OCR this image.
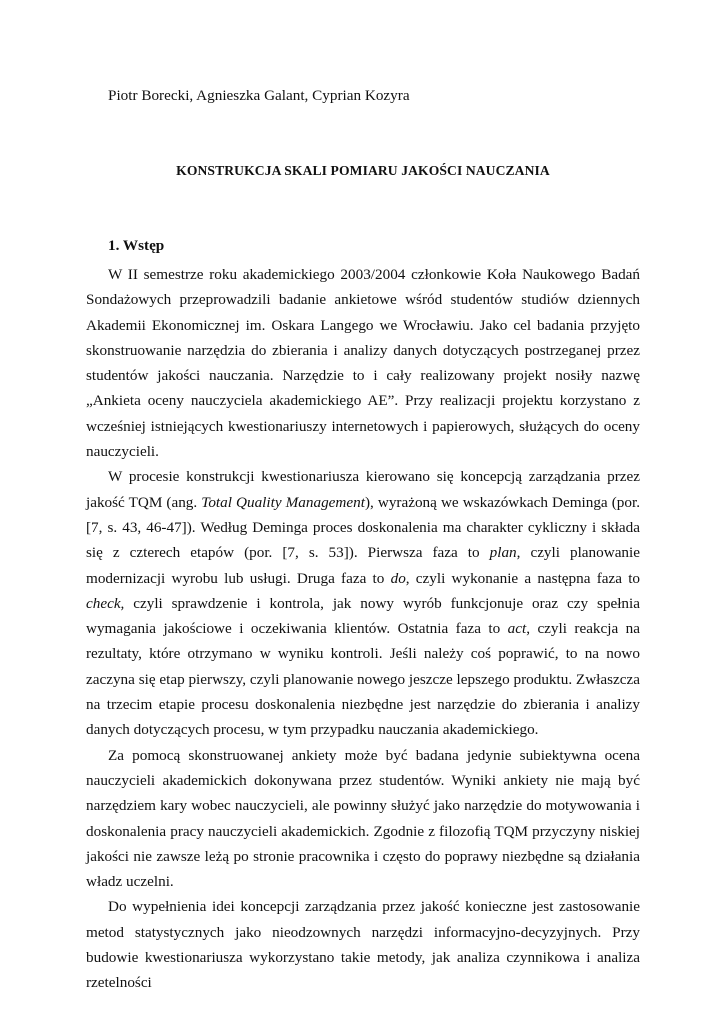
Piotr Borecki, Agnieszka Galant, Cyprian Kozyra
KONSTRUKCJA SKALI POMIARU JAKOŚCI NAUCZANIA
1. Wstęp

W II semestrze roku akademickiego 2003/2004 członkowie Koła Naukowego Badań Sondażowych przeprowadzili badanie ankietowe wśród studentów studiów dziennych Akademii Ekonomicznej im. Oskara Langego we Wrocławiu. Jako cel badania przyjęto skonstruowanie narzędzia do zbierania i analizy danych dotyczących postrzeganej przez studentów jakości nauczania. Narzędzie to i cały realizowany projekt nosiły nazwę „Ankieta oceny nauczyciela akademickiego AE”. Przy realizacji projektu korzystano z wcześniej istniejących kwestionariuszy internetowych i papierowych, służących do oceny nauczycieli.

W procesie konstrukcji kwestionariusza kierowano się koncepcją zarządzania przez jakość TQM (ang. Total Quality Management), wyrażoną we wskazówkach Deminga (por. [7, s. 43, 46-47]). Według Deminga proces doskonalenia ma charakter cykliczny i składa się z czterech etapów (por. [7, s. 53]). Pierwsza faza to plan, czyli planowanie modernizacji wyrobu lub usługi. Druga faza to do, czyli wykonanie a następna faza to check, czyli sprawdzenie i kontrola, jak nowy wyrób funkcjonuje oraz czy spełnia wymagania jakościowe i oczekiwania klientów. Ostatnia faza to act, czyli reakcja na rezultaty, które otrzymano w wyniku kontroli. Jeśli należy coś poprawić, to na nowo zaczyna się etap pierwszy, czyli planowanie nowego jeszcze lepszego produktu. Zwłaszcza na trzecim etapie procesu doskonalenia niezbędne jest narzędzie do zbierania i analizy danych dotyczących procesu, w tym przypadku nauczania akademickiego.

Za pomocą skonstruowanej ankiety może być badana jedynie subiektywna ocena nauczycieli akademickich dokonywana przez studentów. Wyniki ankiety nie mają być narzędziem kary wobec nauczycieli, ale powinny służyć jako narzędzie do motywowania i doskonalenia pracy nauczycieli akademickich. Zgodnie z filozofią TQM przyczyny niskiej jakości nie zawsze leżą po stronie pracownika i często do poprawy niezbędne są działania władz uczelni.

Do wypełnienia idei koncepcji zarządzania przez jakość konieczne jest zastosowanie metod statystycznych jako nieodzownych narzędzi informacyjno-decyzyjnych. Przy budowie kwestionariusza wykorzystano takie metody, jak analiza czynnikowa i analiza rzetelności
